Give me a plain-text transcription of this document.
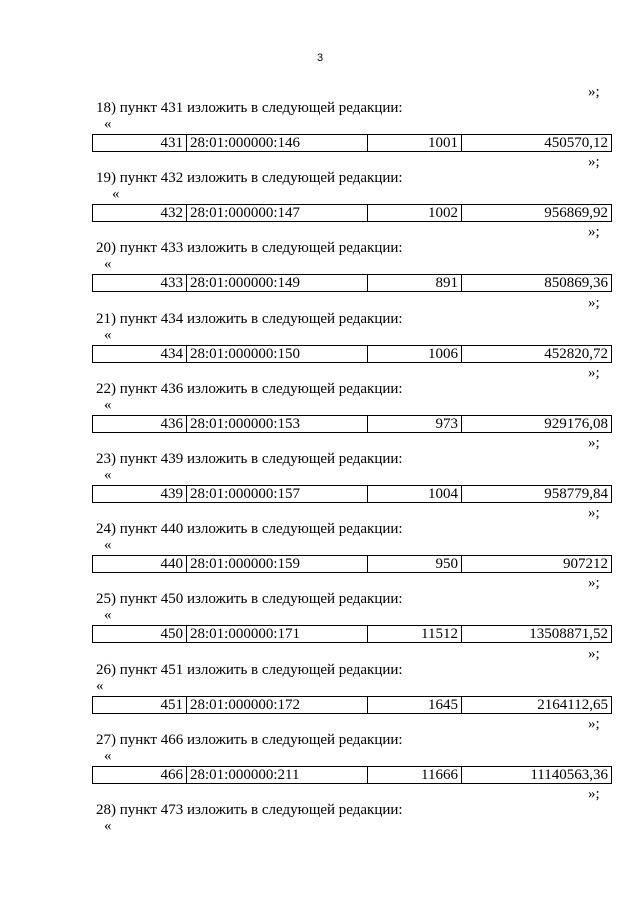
3
»;
18) пункт 431 изложить в следующей редакции:
«
431	28:01:000000:146	1001	450570,12
»;
19) пункт 432 изложить в следующей редакции:
«
432	28:01:000000:147	1002	956869,92
»;
20) пункт 433 изложить в следующей редакции:
«
433	28:01:000000:149	891	850869,36
»;
21) пункт 434 изложить в следующей редакции:
«
434	28:01:000000:150	1006	452820,72
»;
22) пункт 436 изложить в следующей редакции:
«
436	28:01:000000:153	973	929176,08
»;
23) пункт 439 изложить в следующей редакции:
«
439	28:01:000000:157	1004	958779,84
»;
24) пункт 440 изложить в следующей редакции:
«
440	28:01:000000:159	950	907212
»;
25) пункт 450 изложить в следующей редакции:
«
450	28:01:000000:171	11512	13508871,52
»;
26) пункт 451 изложить в следующей редакции:
«
451	28:01:000000:172	1645	2164112,65
»;
27) пункт 466 изложить в следующей редакции:
«
466	28:01:000000:211	11666	11140563,36
»;
28) пункт 473 изложить в следующей редакции:
«
